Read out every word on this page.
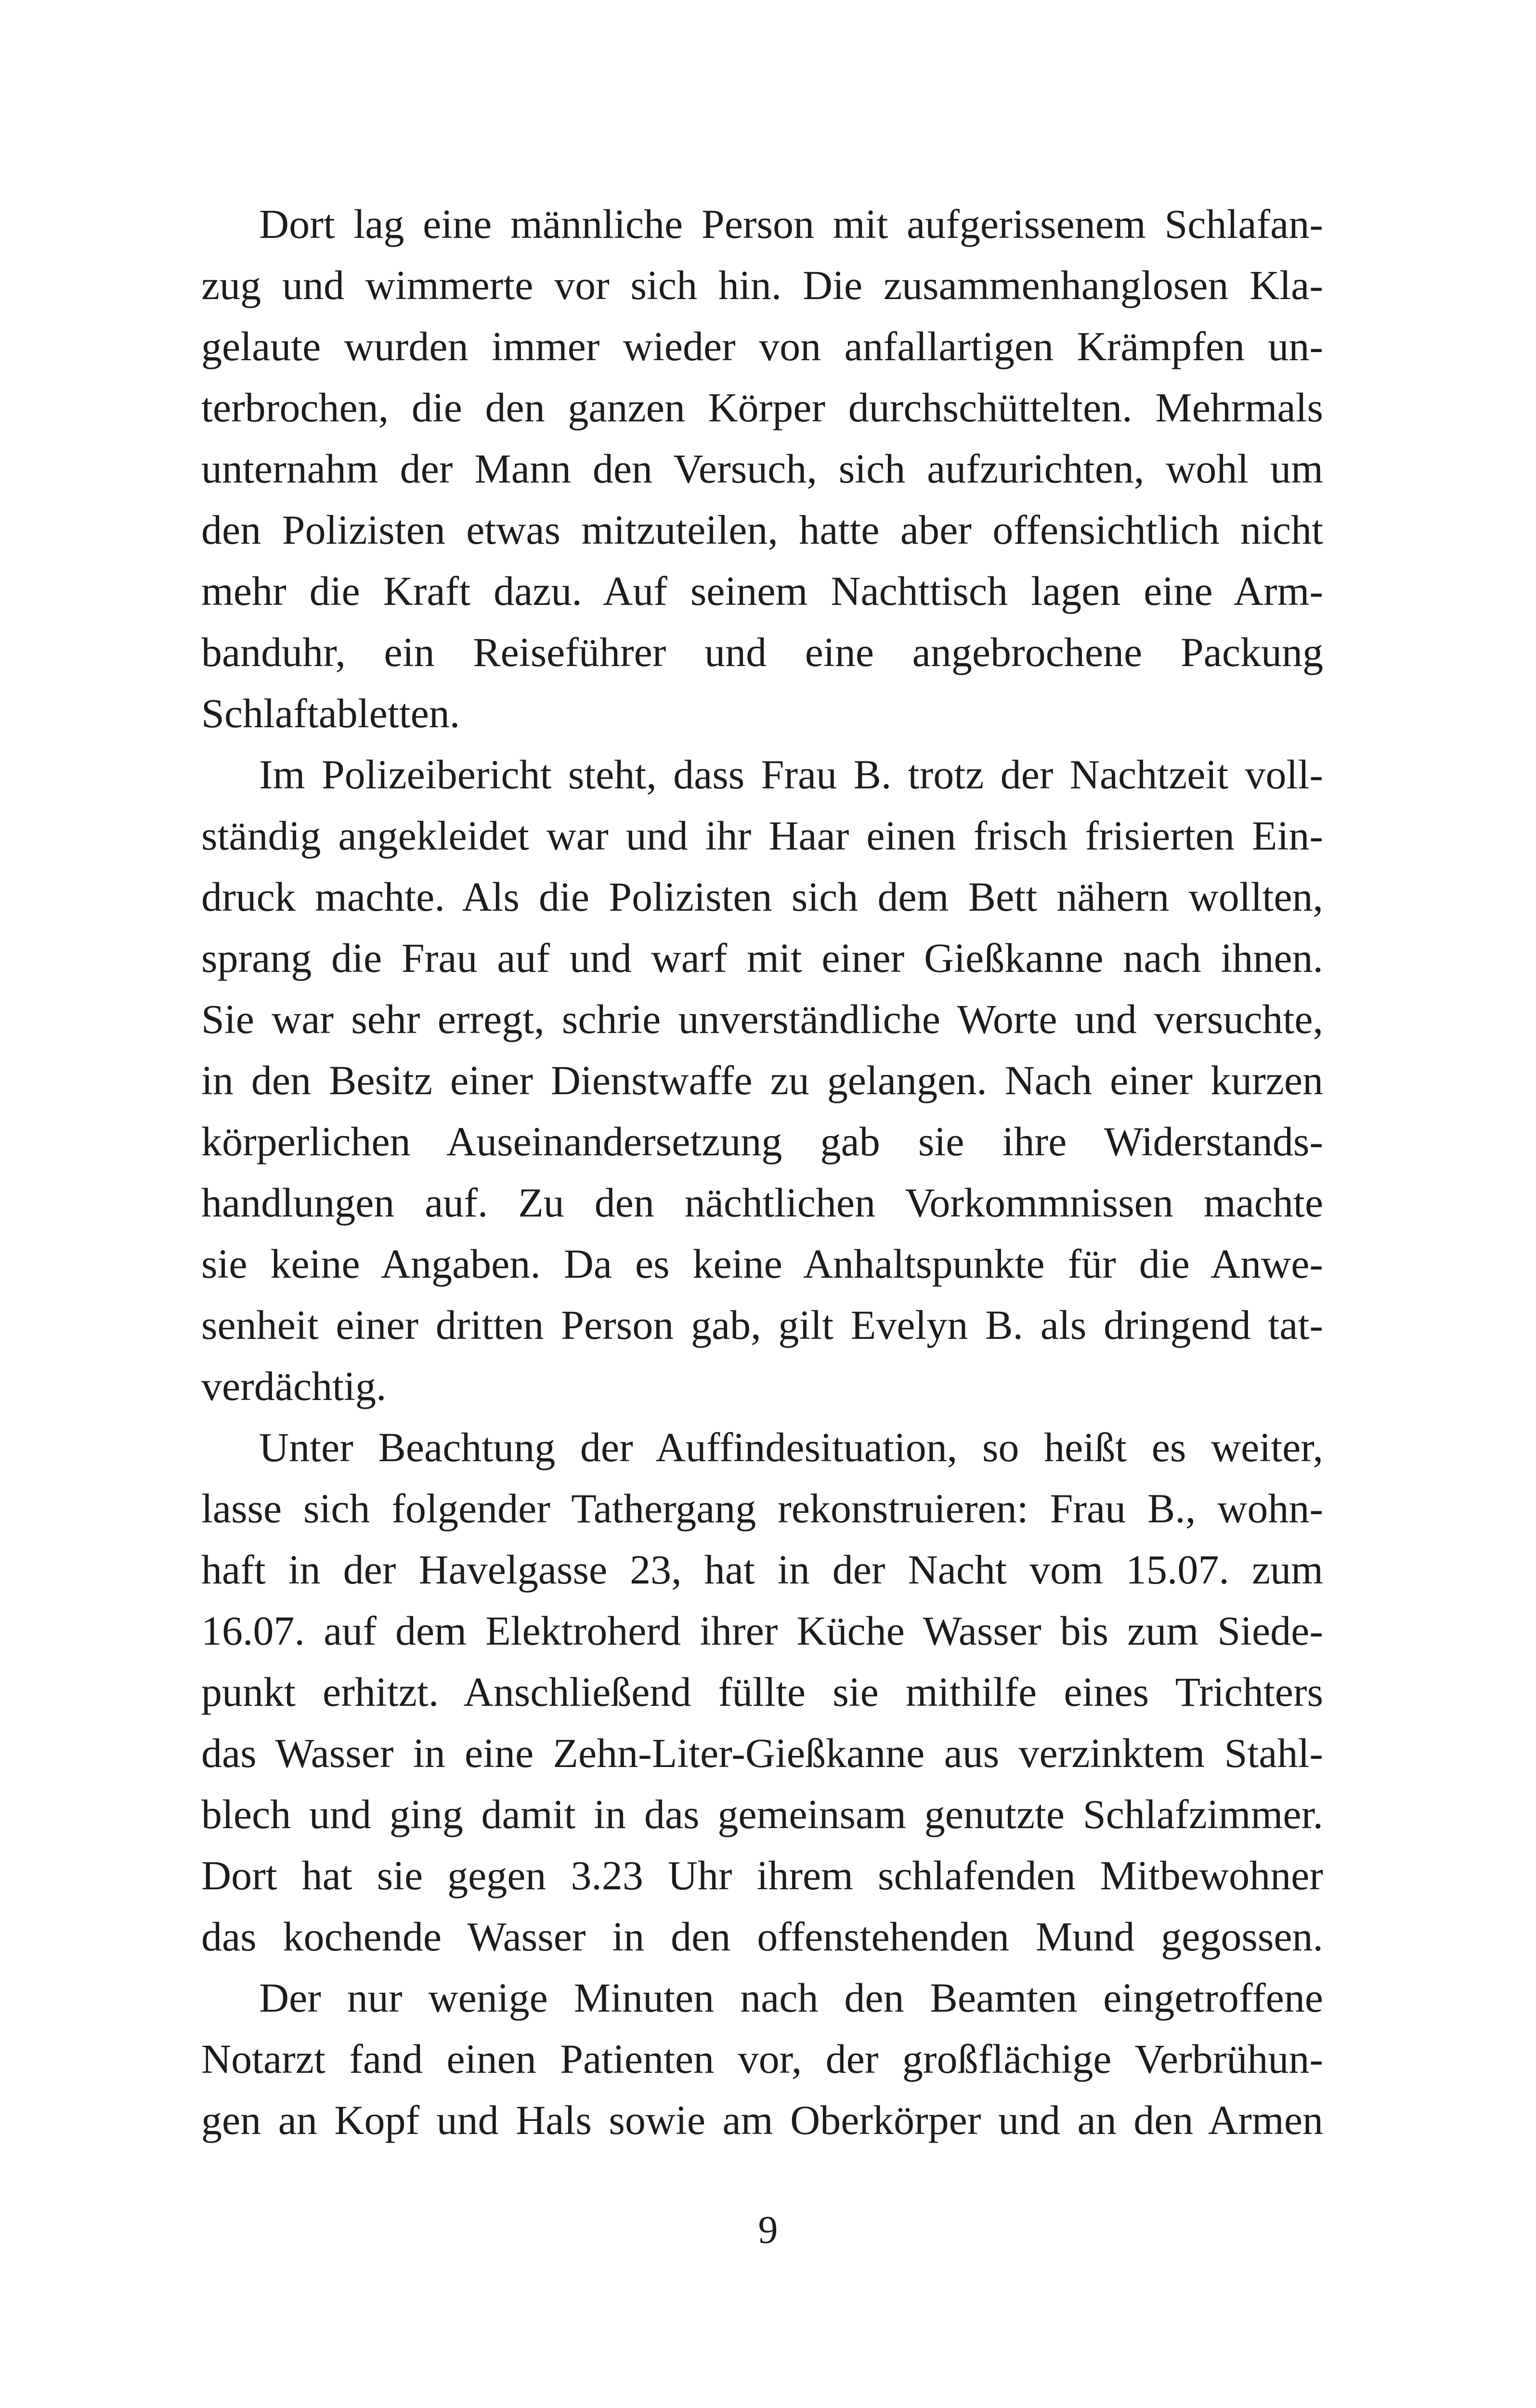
Dort lag eine männliche Person mit aufgerissenem Schlafan-
zug und wimmerte vor sich hin. Die zusammenhanglosen Kla-
gelaute wurden immer wieder von anfallartigen Krämpfen un-
terbrochen, die den ganzen Körper durchschüttelten. Mehrmals
unternahm der Mann den Versuch, sich aufzurichten, wohl um
den Polizisten etwas mitzuteilen, hatte aber offensichtlich nicht
mehr die Kraft dazu. Auf seinem Nachttisch lagen eine Arm-
banduhr, ein Reiseführer und eine angebrochene Packung
Schlaftabletten.

Im Polizeibericht steht, dass Frau B. trotz der Nachtzeit voll-
ständig angekleidet war und ihr Haar einen frisch frisierten Ein-
druck machte. Als die Polizisten sich dem Bett nähern wollten,
sprang die Frau auf und warf mit einer Gießkanne nach ihnen.
Sie war sehr erregt, schrie unverständliche Worte und versuchte,
in den Besitz einer Dienstwaffe zu gelangen. Nach einer kurzen
körperlichen Auseinandersetzung gab sie ihre Widerstands-
handlungen auf. Zu den nächtlichen Vorkommnissen machte
sie keine Angaben. Da es keine Anhaltspunkte für die Anwe-
senheit einer dritten Person gab, gilt Evelyn B. als dringend tat-
verdächtig.

Unter Beachtung der Auffindesituation, so heißt es weiter,
lasse sich folgender Tathergang rekonstruieren: Frau B., wohn-
haft in der Havelgasse 23, hat in der Nacht vom 15.07. zum
16.07. auf dem Elektroherd ihrer Küche Wasser bis zum Siede-
punkt erhitzt. Anschließend füllte sie mithilfe eines Trichters
das Wasser in eine Zehn-Liter-Gießkanne aus verzinktem Stahl-
blech und ging damit in das gemeinsam genutzte Schlafzimmer.
Dort hat sie gegen 3.23 Uhr ihrem schlafenden Mitbewohner
das kochende Wasser in den offenstehenden Mund gegossen.

Der nur wenige Minuten nach den Beamten eingetroffene
Notarzt fand einen Patienten vor, der großflächige Verbrühun-
gen an Kopf und Hals sowie am Oberkörper und an den Armen

9
